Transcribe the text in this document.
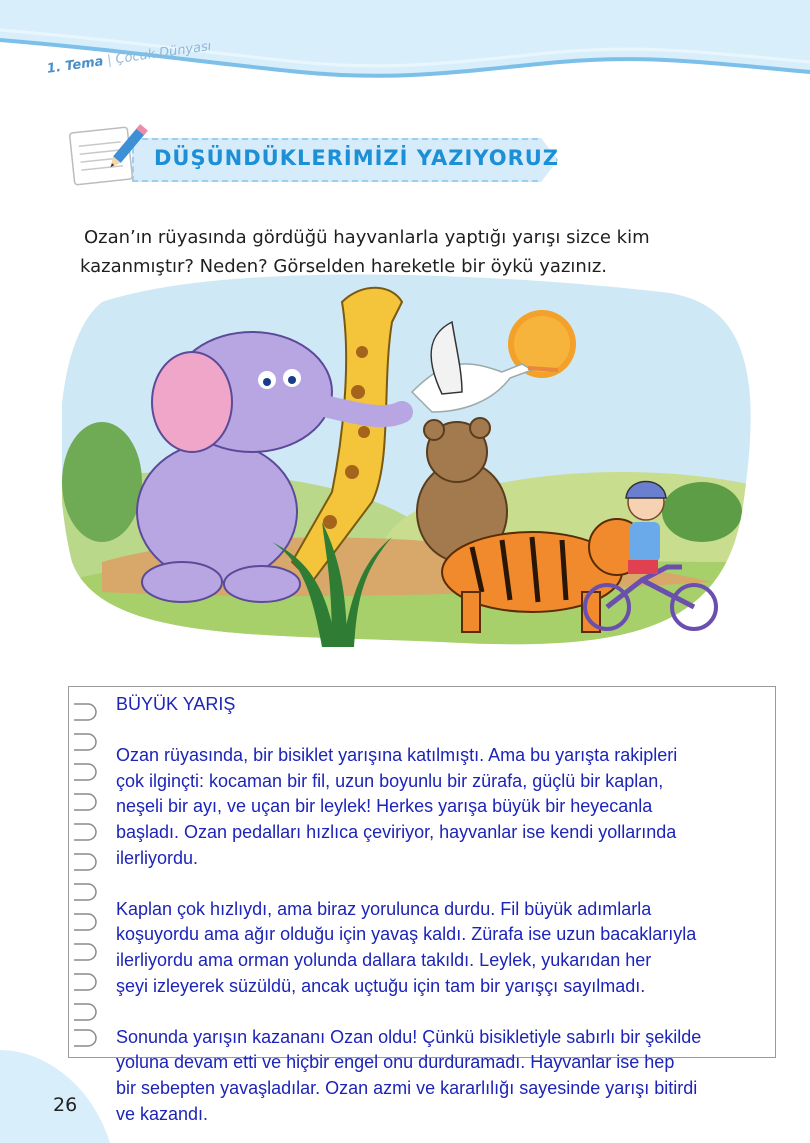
1. Tema | Çocuk Dünyası
DÜŞÜNDÜKLERİMİZİ YAZIYORUZ

Ozan’ın rüyasında gördüğü hayvanlarla yaptığı yarışı sizce kim kazanmıştır? Neden? Görselden hareketle bir öykü yazınız.

BÜYÜK YARIŞ

Ozan rüyasında, bir bisiklet yarışına katılmıştı. Ama bu yarışta rakipleri

çok ilginçti: kocaman bir fil, uzun boyunlu bir zürafa, güçlü bir kaplan,

neşeli bir ayı, ve uçan bir leylek! Herkes yarışa büyük bir heyecanla

başladı. Ozan pedalları hızlıca çeviriyor, hayvanlar ise kendi yollarında

ilerliyordu.

Kaplan çok hızlıydı, ama biraz yorulunca durdu. Fil büyük adımlarla

koşuyordu ama ağır olduğu için yavaş kaldı. Zürafa ise uzun bacaklarıyla

ilerliyordu ama orman yolunda dallara takıldı. Leylek, yukarıdan her

şeyi izleyerek süzüldü, ancak uçtuğu için tam bir yarışçı sayılmadı.

Sonunda yarışın kazananı Ozan oldu! Çünkü bisikletiyle sabırlı bir şekilde

yoluna devam etti ve hiçbir engel onu durduramadı. Hayvanlar ise hep

bir sebepten yavaşladılar. Ozan azmi ve kararlılığı sayesinde yarışı bitirdi

ve kazandı.

26
